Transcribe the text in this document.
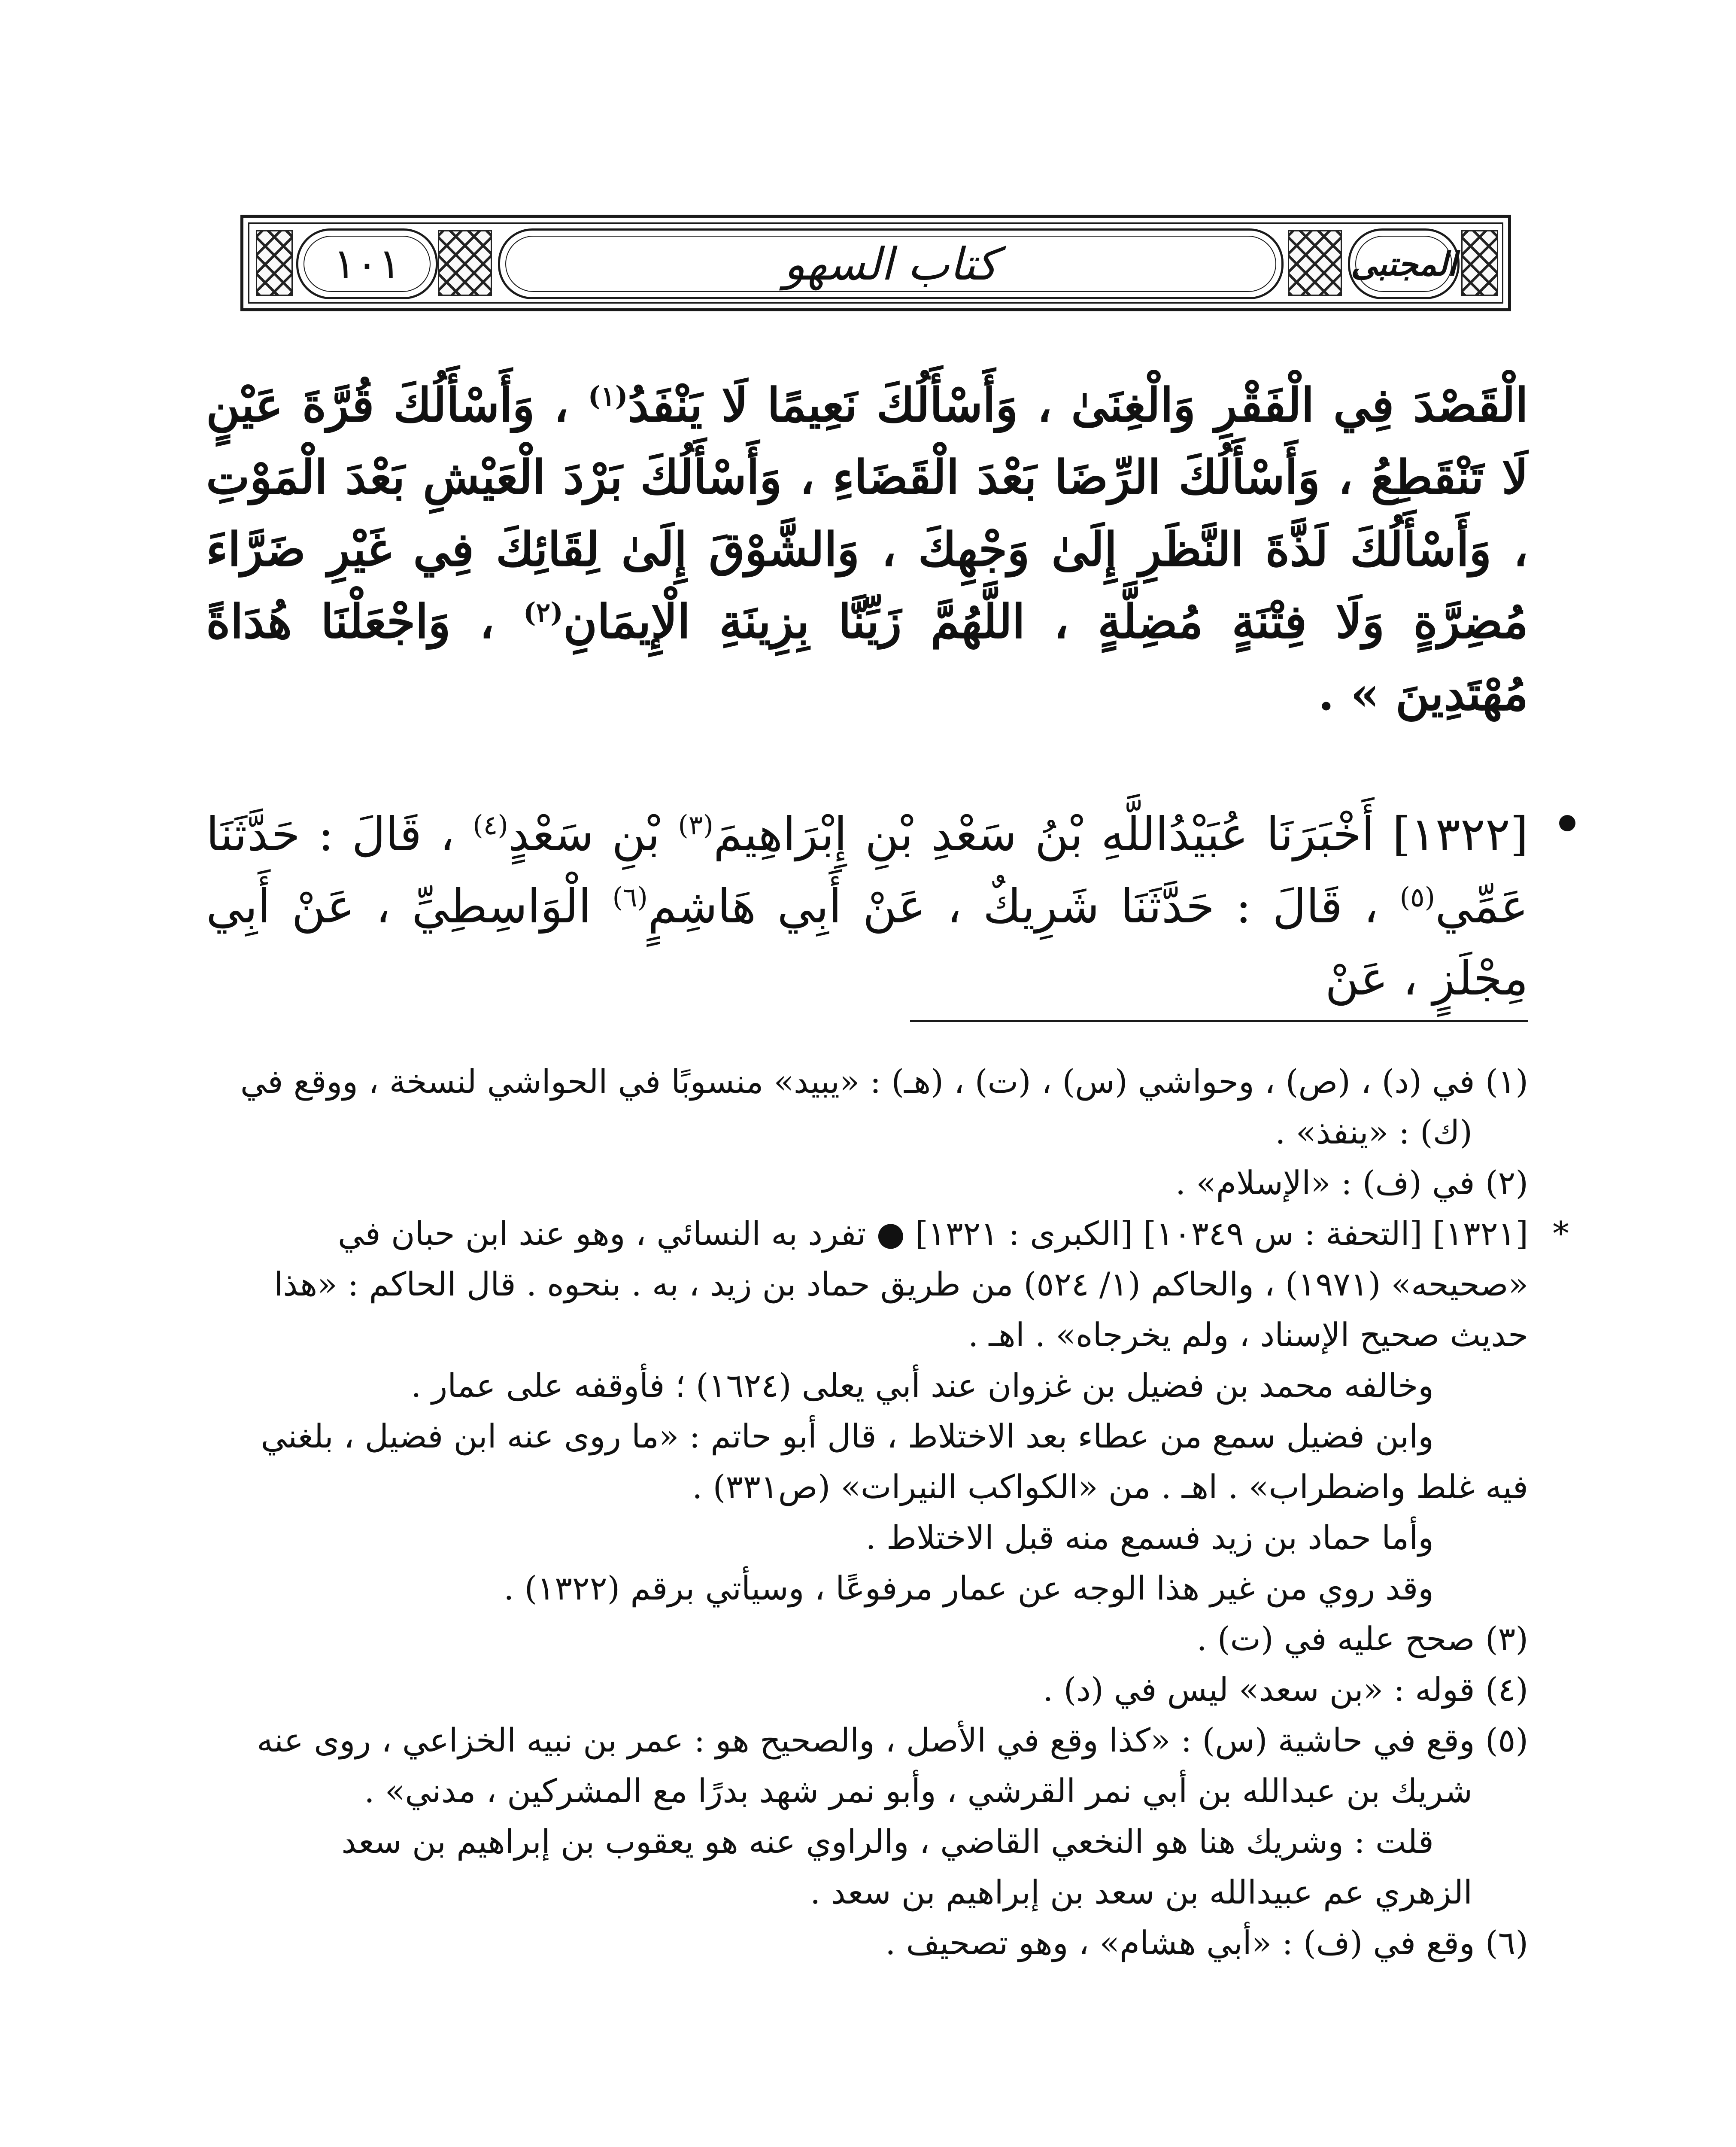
١٠١	كتاب السهو	المجتبى

الْقَصْدَ فِي الْفَقْرِ وَالْغِنَىٰ ، وَأَسْأَلُكَ نَعِيمًا لَا يَنْفَدُ$^{(١)}$ ، وَأَسْأَلُكَ قُرَّةَ عَيْنٍ لَا تَنْقَطِعُ ، وَأَسْأَلُكَ الرِّضَا بَعْدَ الْقَضَاءِ ، وَأَسْأَلُكَ بَرْدَ الْعَيْشِ بَعْدَ الْمَوْتِ ، وَأَسْأَلُكَ لَذَّةَ النَّظَرِ إِلَىٰ وَجْهِكَ ، وَالشَّوْقَ إِلَىٰ لِقَائِكَ فِي غَيْرِ ضَرَّاءَ مُضِرَّةٍ وَلَا فِتْنَةٍ مُضِلَّةٍ ، اللَّهُمَّ زَيِّنَّا بِزِينَةِ الْإِيمَانِ$^{(٢)}$ ، وَاجْعَلْنَا هُدَاةً مُهْتَدِينَ » .

[١٣٢٢] أَخْبَرَنَا عُبَيْدُاللَّهِ بْنُ سَعْدِ بْنِ إِبْرَاهِيمَ$^{(٣)}$ بْنِ سَعْدٍ$^{(٤)}$ ، قَالَ : حَدَّثَنَا عَمِّي$^{(٥)}$ ، قَالَ : حَدَّثَنَا شَرِيكٌ ، عَنْ أَبِي هَاشِمٍ$^{(٦)}$ الْوَاسِطِيِّ ، عَنْ أَبِي مِجْلَزٍ ، عَنْ

(١) في (د) ، (ص) ، وحواشي (س) ، (ت) ، (هـ) : «يبيد» منسوبًا في الحواشي لنسخة ، ووقع في

(ك) : «ينفذ» .

(٢) في (ف) : «الإسلام» .

*
[١٣٢١] [التحفة : س ١٠٣٤٩] [الكبرى : ١٣٢١] ● تفرد به النسائي ، وهو عند ابن حبان في

«صحيحه» (١٩٧١) ، والحاكم (١/ ٥٢٤) من طريق حماد بن زيد ، به . بنحوه . قال الحاكم : «هذا

حديث صحيح الإسناد ، ولم يخرجاه» . اهـ .

وخالفه محمد بن فضيل بن غزوان عند أبي يعلى (١٦٢٤) ؛ فأوقفه على عمار .

وابن فضيل سمع من عطاء بعد الاختلاط ، قال أبو حاتم : «ما روى عنه ابن فضيل ، بلغني

فيه غلط واضطراب» . اهـ . من «الكواكب النيرات» (ص٣٣١) .

وأما حماد بن زيد فسمع منه قبل الاختلاط .

وقد روي من غير هذا الوجه عن عمار مرفوعًا ، وسيأتي برقم (١٣٢٢) .

(٣) صحح عليه في (ت) .

(٤) قوله : «بن سعد» ليس في (د) .

(٥) وقع في حاشية (س) : «كذا وقع في الأصل ، والصحيح هو : عمر بن نبيه الخزاعي ، روى عنه

شريك بن عبدالله بن أبي نمر القرشي ، وأبو نمر شهد بدرًا مع المشركين ، مدني» .

قلت : وشريك هنا هو النخعي القاضي ، والراوي عنه هو يعقوب بن إبراهيم بن سعد

الزهري عم عبيدالله بن سعد بن إبراهيم بن سعد .

(٦) وقع في (ف) : «أبي هشام» ، وهو تصحيف .
